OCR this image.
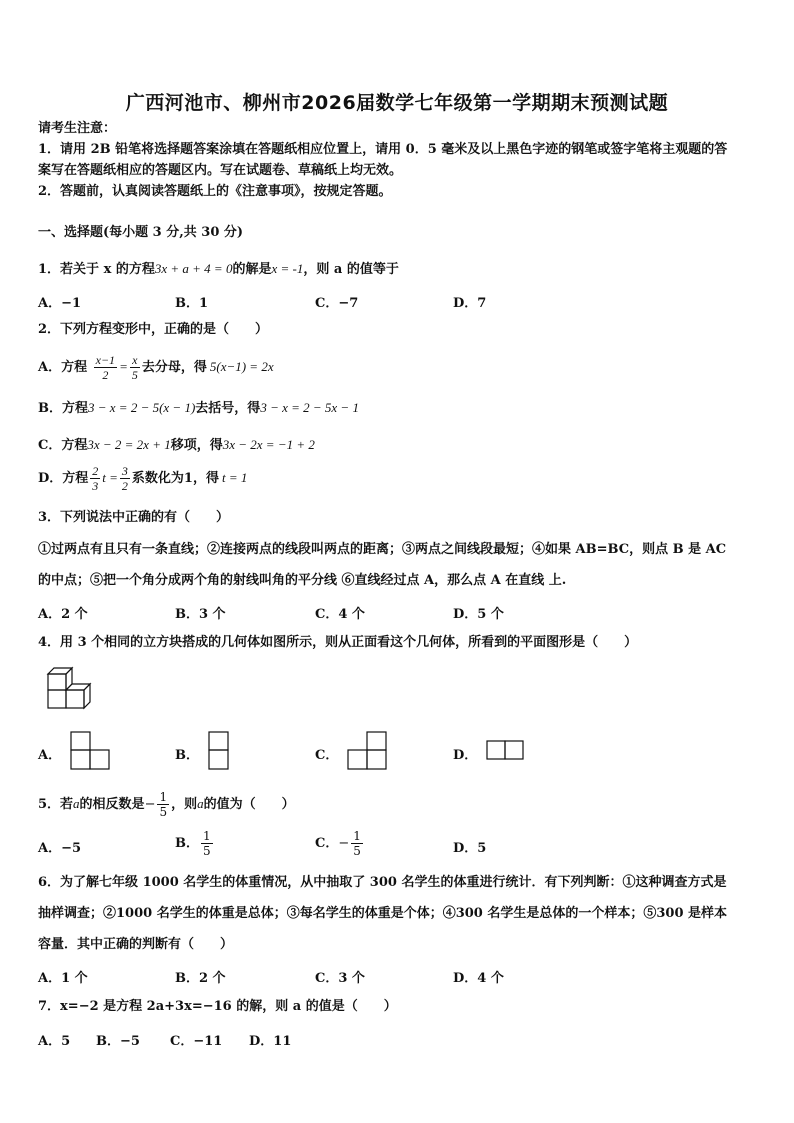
广西河池市、柳州市2026届数学七年级第一学期期末预测试题
请考生注意：
1．请用 2B 铅笔将选择题答案涂填在答题纸相应位置上，请用 0．5 毫米及以上黑色字迹的钢笔或签字笔将主观题的答
案写在答题纸相应的答题区内。写在试题卷、草稿纸上均无效。
2．答题前，认真阅读答题纸上的《注意事项》，按规定答题。
一、选择题(每小题 3 分,共 30 分)
1．若关于 x 的方程3x + a + 4 = 0的解是x = -1，则 a 的值等于
A．−1	B．1	C．−7	D．7
2．下列方程变形中，正确的是（　　）
A．方程 $\frac{x-1}{2} = \frac{x}{5}$ 去分母，得 5(x−1) = 2x
B．方程3 − x = 2 − 5(x − 1)去括号，得3 − x = 2 − 5x − 1
C．方程3x − 2 = 2x + 1移项，得3x − 2x = −1 + 2
D．方程 $\frac{2}{3}$ $t = \frac{3}{2}$ 系数化为1，得 t = 1
3．下列说法中正确的有（　　）
①过两点有且只有一条直线；②连接两点的线段叫两点的距离；③两点之间线段最短；④如果 AB=BC，则点 B 是 AC
的中点；⑤把一个角分成两个角的射线叫角的平分线 ⑥直线经过点 A，那么点 A 在直线 上.
A．2 个	B．3 个	C．4 个	D．5 个
4．用 3 个相同的立方块搭成的几何体如图所示，则从正面看这个几何体，所看到的平面图形是（　　）
A．	B．	C．	D．
5．若a的相反数是− $\frac{1}{5}$ ，则a的值为（　　）
A．−5	B． $\frac{1}{5}$	C．− $\frac{1}{5}$	D．5
6．为了解七年级 1000 名学生的体重情况，从中抽取了 300 名学生的体重进行统计．有下列判断：①这种调查方式是
抽样调查；②1000 名学生的体重是总体；③每名学生的体重是个体；④300 名学生是总体的一个样本；⑤300 是样本
容量．其中正确的判断有（　　）
A．1 个	B．2 个	C．3 个	D．4 个
7．x=−2 是方程 2a+3x=−16 的解，则 a 的值是（　　）
A．5 B．−5 C．−11 D．11
